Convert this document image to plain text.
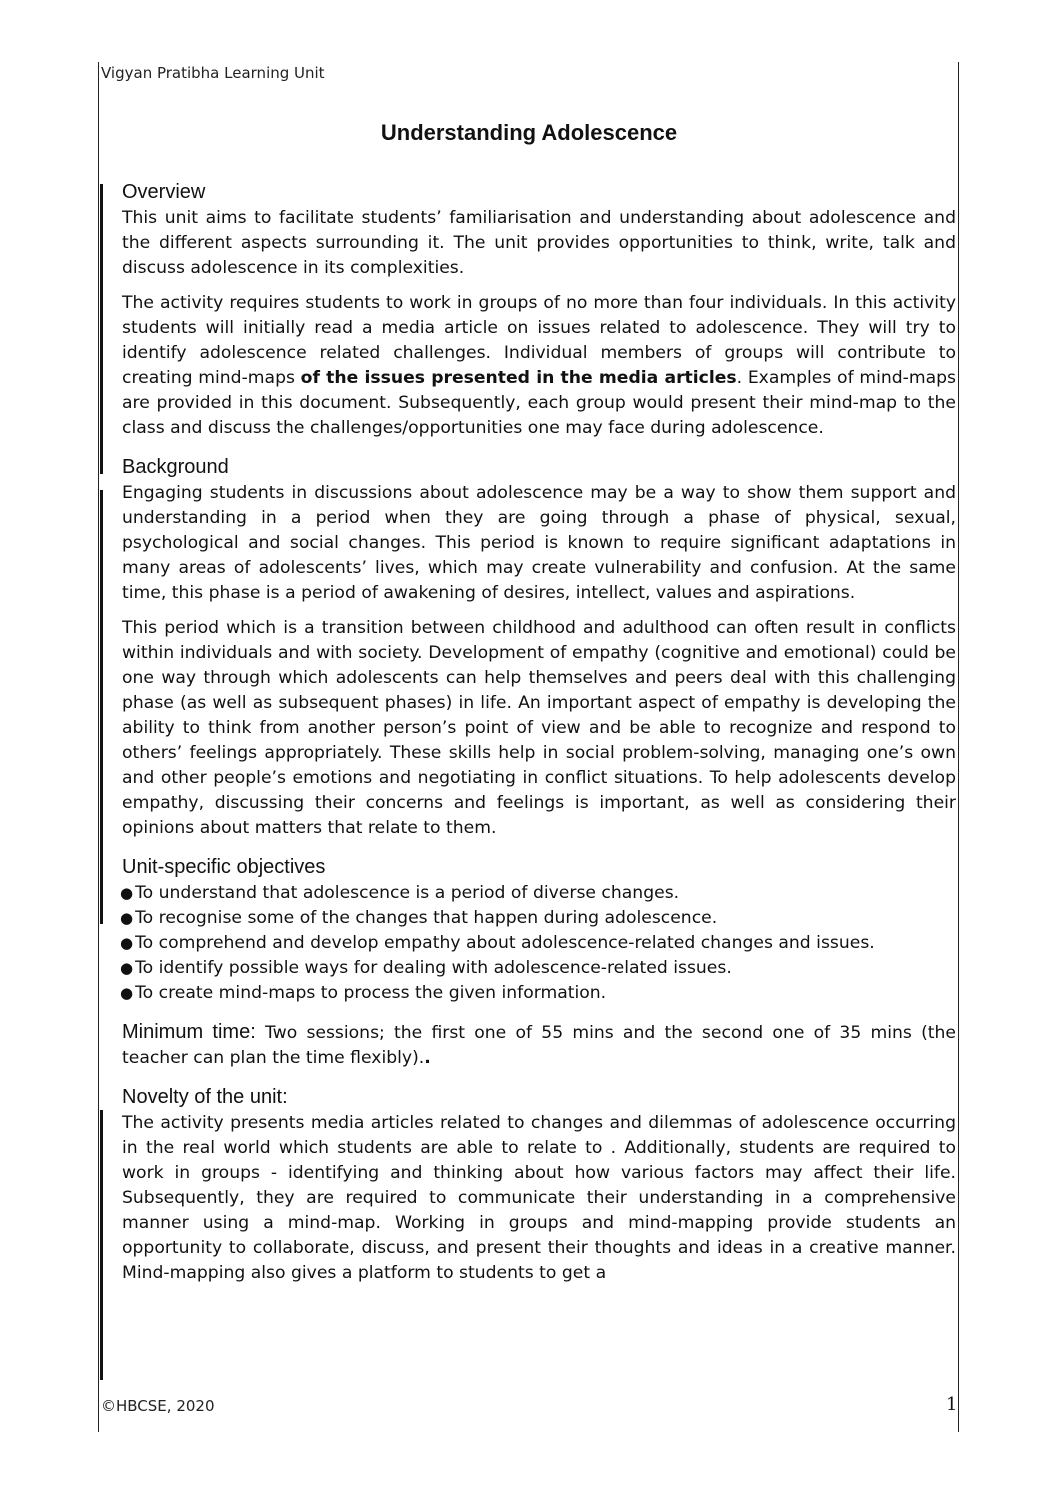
Vigyan Pratibha Learning Unit
Understanding Adolescence
Overview

This unit aims to facilitate students’ familiarisation and understanding about adolescence and the different aspects surrounding it. The unit provides opportunities to think, write, talk and discuss adolescence in its complexities.

The activity requires students to work in groups of no more than four individuals. In this activity students will initially read a media article on issues related to adolescence. They will try to identify adolescence related challenges. Individual members of groups will contribute to creating mind-maps of the issues presented in the media articles. Examples of mind-maps are provided in this document. Subsequently, each group would present their mind-map to the class and discuss the challenges/opportunities one may face during adolescence.

Background

Engaging students in discussions about adolescence may be a way to show them support and understanding in a period when they are going through a phase of physical, sexual, psychological and social changes. This period is known to require significant adaptations in many areas of adolescents’ lives, which may create vulnerability and confusion. At the same time, this phase is a period of awakening of desires, intellect, values and aspirations.

This period which is a transition between childhood and adulthood can often result in conflicts within individuals and with society. Development of empathy (cognitive and emotional) could be one way through which adolescents can help themselves and peers deal with this challenging phase (as well as subsequent phases) in life. An important aspect of empathy is developing the ability to think from another person’s point of view and be able to recognize and respond to others’ feelings appropriately. These skills help in social problem-solving, managing one’s own and other people’s emotions and negotiating in conflict situations. To help adolescents develop empathy, discussing their concerns and feelings is important, as well as considering their opinions about matters that relate to them.

Unit-specific objectives
● To understand that adolescence is a period of diverse changes.
● To recognise some of the changes that happen during adolescence.
● To comprehend and develop empathy about adolescence-related changes and issues.
● To identify possible ways for dealing with adolescence-related issues.
● To create mind-maps to process the given information.

Minimum time: Two sessions; the first one of 55 mins and the second one of 35 mins (the teacher can plan the time flexibly)..

Novelty of the unit:

The activity presents media articles related to changes and dilemmas of adolescence occurring in the real world which students are able to relate to . Additionally, students are required to work in groups - identifying and thinking about how various factors may affect their life. Subsequently, they are required to communicate their understanding in a comprehensive manner using a mind-map. Working in groups and mind-mapping provide students an opportunity to collaborate, discuss, and present their thoughts and ideas in a creative manner. Mind-mapping also gives a platform to students to get a

©HBCSE, 2020	1
